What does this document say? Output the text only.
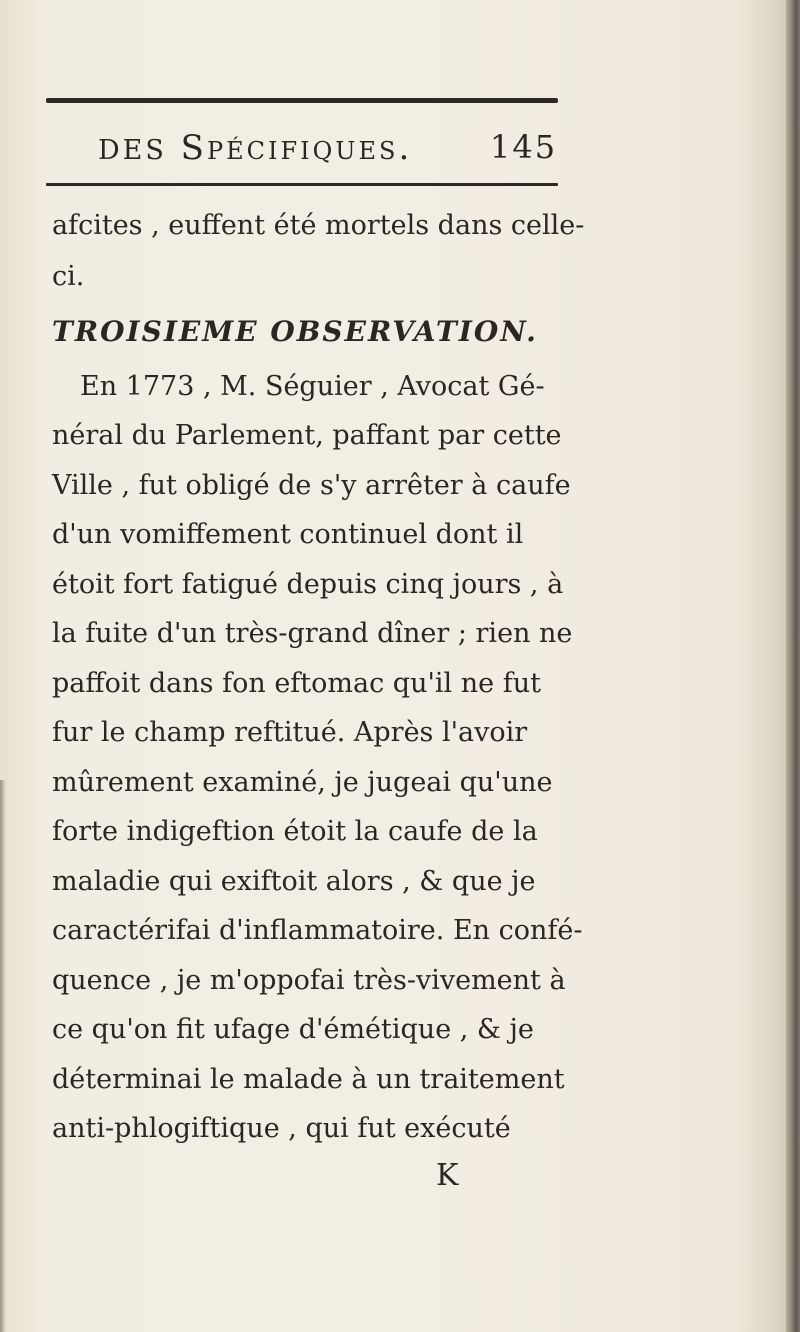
DES Spécifiques. 145
afcites , euffent été mortels dans celle-
ci.
TROISIEME OBSERVATION.
En 1773 , M. Séguier , Avocat Gé-
néral du Parlement, paffant par cette
Ville , fut obligé de s'y arrêter à caufe
d'un vomiffement continuel dont il
étoit fort fatigué depuis cinq jours , à
la fuite d'un très-grand dîner ; rien ne
paffoit dans fon eftomac qu'il ne fut
fur le champ reftitué. Après l'avoir
mûrement examiné, je jugeai qu'une
forte indigeftion étoit la caufe de la
maladie qui exiftoit alors , & que je
caractérifai d'inflammatoire. En confé-
quence , je m'oppofai très-vivement à
ce qu'on fit ufage d'émétique , & je
déterminai le malade à un traitement
anti-phlogiftique , qui fut exécuté
K
